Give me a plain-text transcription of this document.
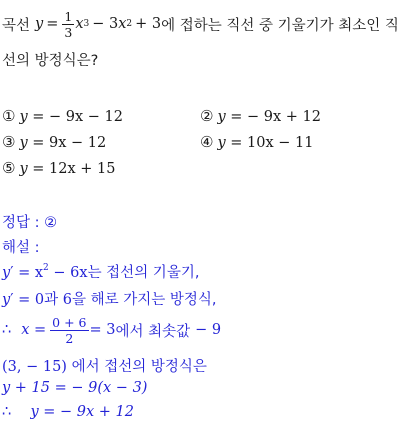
곡선 $y = \frac{1}{3}$ x 3 − 3 x 2 + 3 에 접하는 직선 중 기울기가 최소인 직
선의 방정식은?
① y = − 9x − 12	② y = − 9x + 12
③ y = 9x − 12	④ y = 10x − 11
⑤ y = 12x + 15
정답 : ②
해설 :
$y' = x^2 - 6x$는 접선의 기울기,
y′ = 0과 6을 해로 가지는 방정식,
∴ $x = \frac{0 + 6}{2} = 3$ 에서 최솟값 − 9
(3, − 15) 에서 접선의 방정식은
y + 15 = − 9(x − 3)
∴ y = − 9x + 12
